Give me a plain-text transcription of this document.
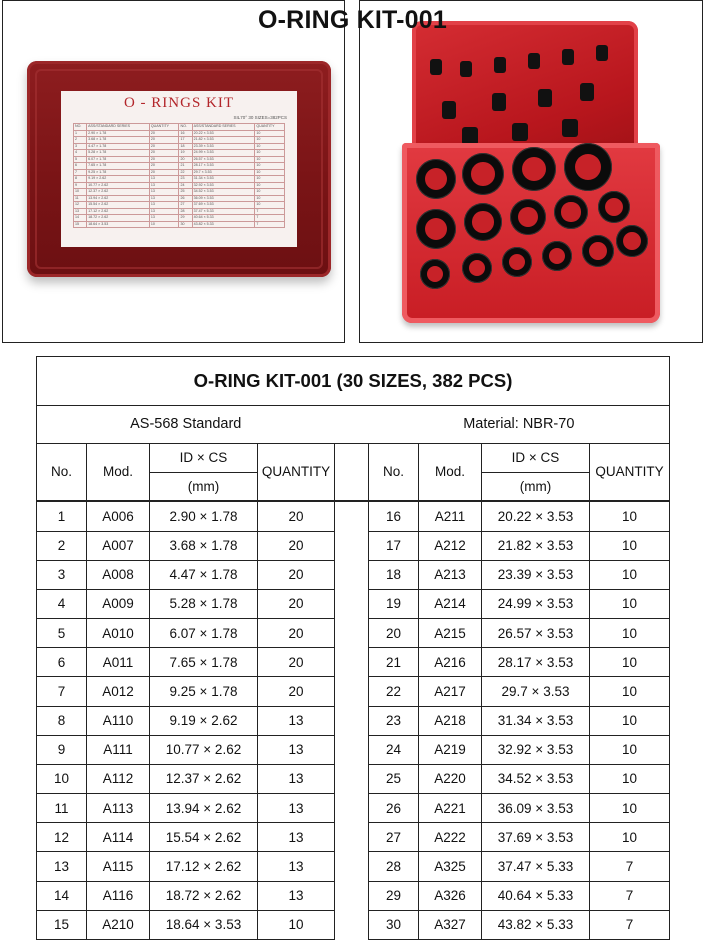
O-RING KIT-001
O - RINGS KIT
SIL70° 30 SIZES=382PCS
NO.	ASS/STANDARD SERIES	QUANTITY	NO.	ASS/STANDARD SERIES	QUANTITY
1	2.90 × 1.78	20	16	20.22 × 3.53	10
2	3.68 × 1.78	20	17	21.82 × 3.53	10
3	4.47 × 1.78	20	18	23.39 × 3.53	10
4	5.28 × 1.78	20	19	24.99 × 3.53	10
5	6.07 × 1.78	20	20	26.57 × 3.53	10
6	7.65 × 1.78	20	21	28.17 × 3.53	10
7	9.25 × 1.78	20	22	29.7 × 3.53	10
8	9.19 × 2.62	13	23	31.34 × 3.53	10
9	10.77 × 2.62	13	24	32.92 × 3.53	10
10	12.37 × 2.62	13	25	34.52 × 3.53	10
11	13.94 × 2.62	13	26	36.09 × 3.53	10
12	15.54 × 2.62	13	27	37.69 × 3.53	10
13	17.12 × 2.62	13	28	37.47 × 5.33	7
14	18.72 × 2.62	13	29	40.64 × 5.33	7
15	18.64 × 3.53	10	30	43.82 × 5.33	7
O-RING KIT-001 (30 SIZES, 382 PCS)								
AS-568 Standard					Material: NBR-70			
No.	Mod.	ID × CS	QUANTITY		No.	Mod.	ID × CS	QUANTITY
		(mm)					(mm)	
1	A006	2.90 × 1.78	20		16	A211	20.22 × 3.53	10
2	A007	3.68 × 1.78	20		17	A212	21.82 × 3.53	10
3	A008	4.47 × 1.78	20		18	A213	23.39 × 3.53	10
4	A009	5.28 × 1.78	20		19	A214	24.99 × 3.53	10
5	A010	6.07 × 1.78	20		20	A215	26.57 × 3.53	10
6	A011	7.65 × 1.78	20		21	A216	28.17 × 3.53	10
7	A012	9.25 × 1.78	20		22	A217	29.7 × 3.53	10
8	A110	9.19 × 2.62	13		23	A218	31.34 × 3.53	10
9	A111	10.77 × 2.62	13		24	A219	32.92 × 3.53	10
10	A112	12.37 × 2.62	13		25	A220	34.52 × 3.53	10
11	A113	13.94 × 2.62	13		26	A221	36.09 × 3.53	10
12	A114	15.54 × 2.62	13		27	A222	37.69 × 3.53	10
13	A115	17.12 × 2.62	13		28	A325	37.47 × 5.33	7
14	A116	18.72 × 2.62	13		29	A326	40.64 × 5.33	7
15	A210	18.64 × 3.53	10		30	A327	43.82 × 5.33	7
